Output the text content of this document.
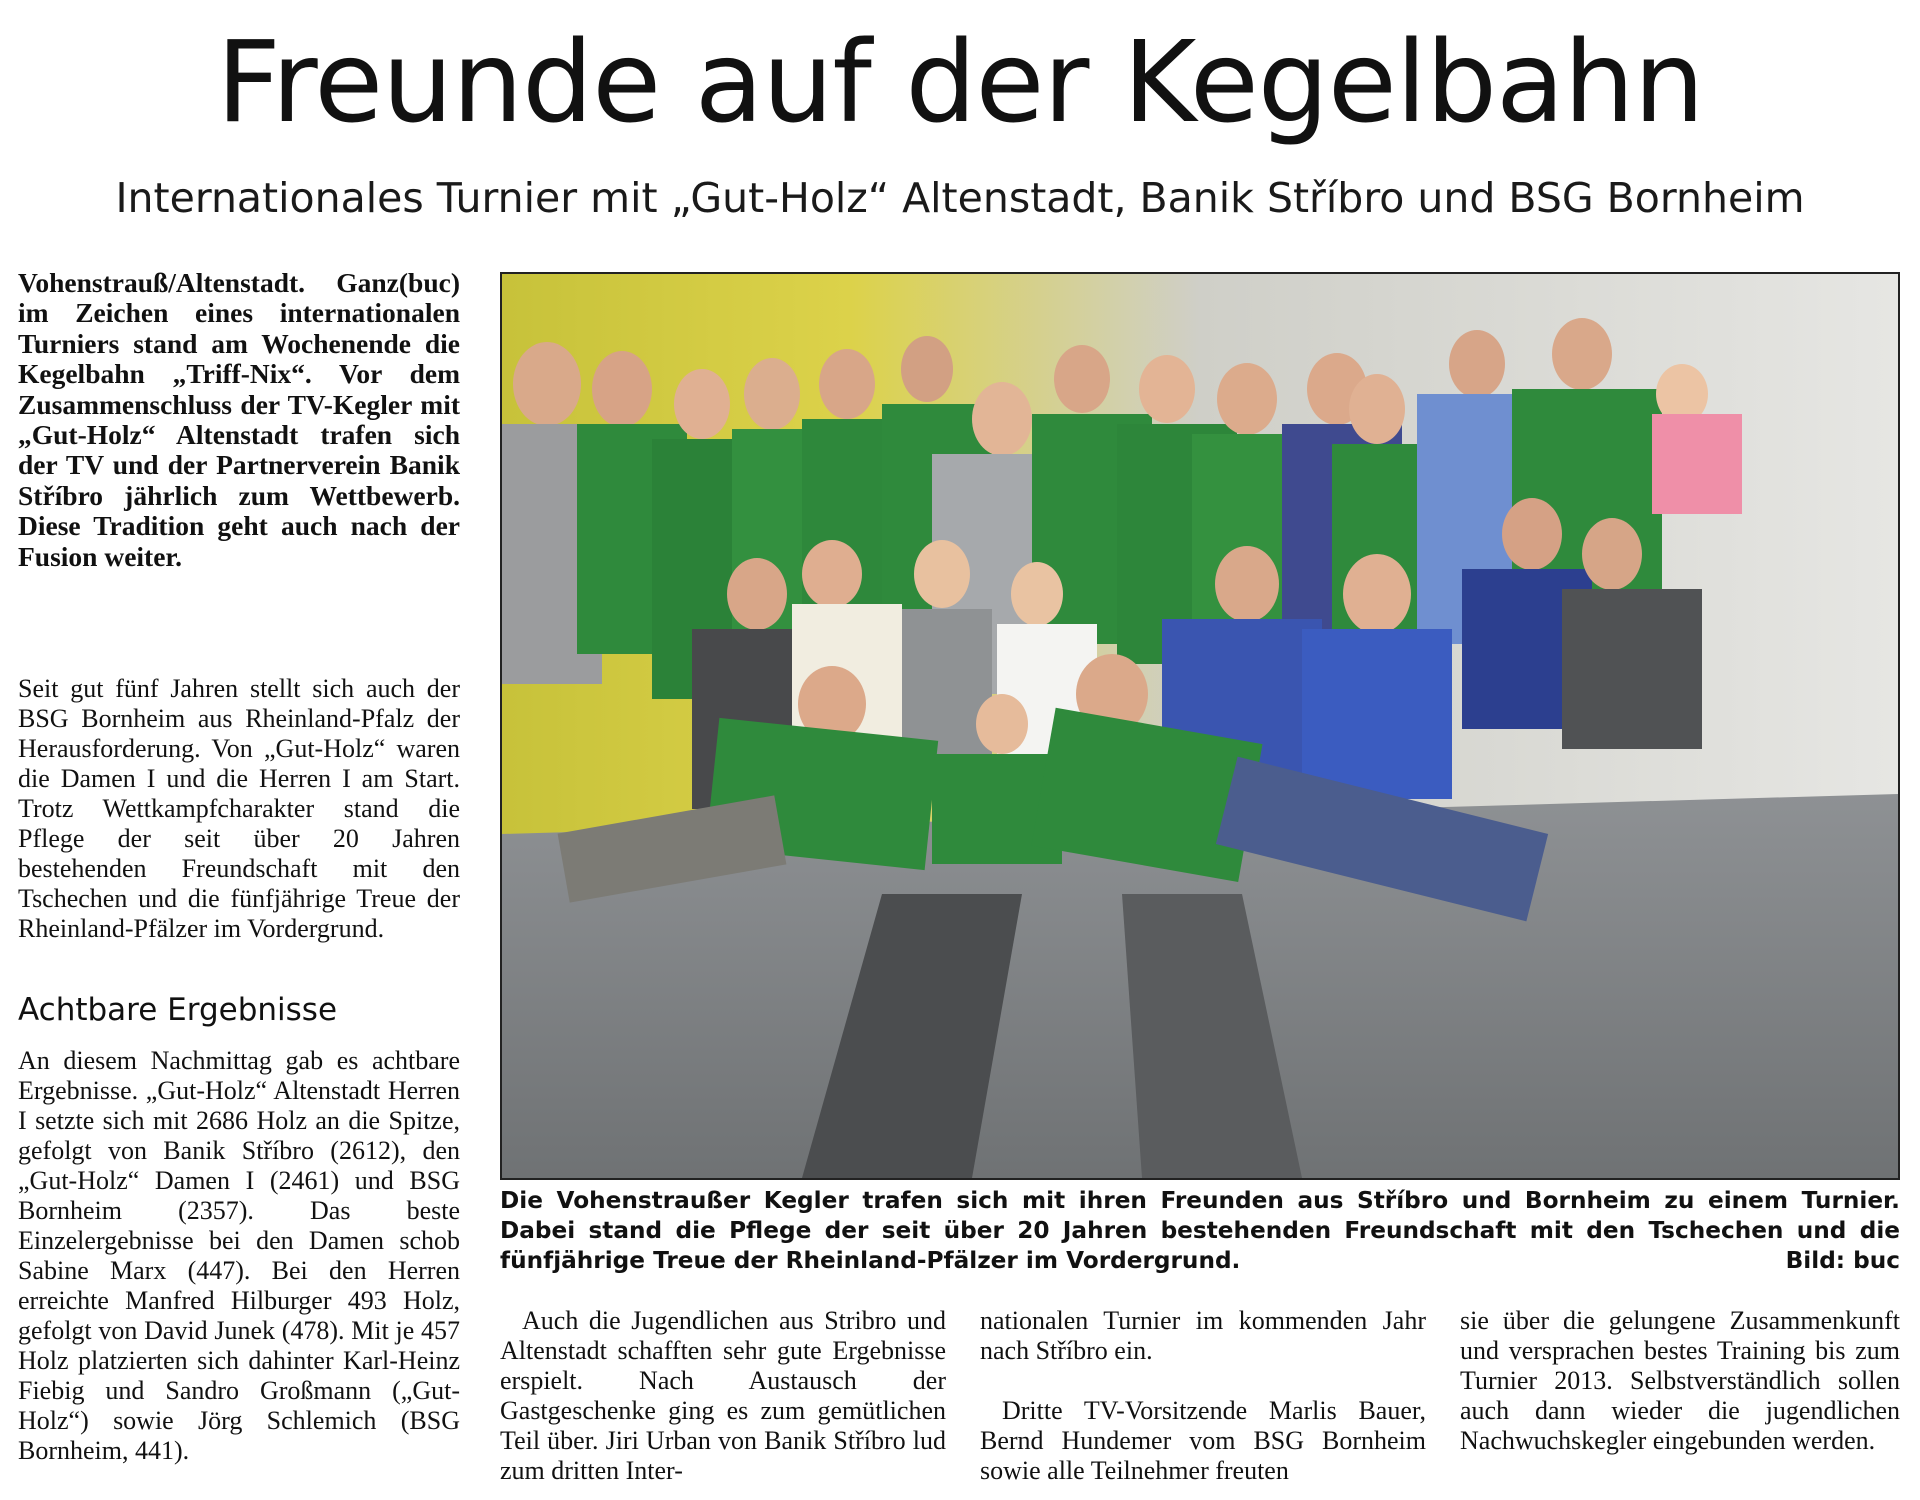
Freunde auf der Kegelbahn
Internationales Turnier mit „Gut-Holz“ Altenstadt, Banik Stříbro und BSG Bornheim
Vohenstrauß/Altenstadt.	(buc)
Ganz im Zeichen eines internationalen Turniers stand am Wochenende die Kegelbahn „Triff-Nix“. Vor dem Zusammenschluss der TV-Kegler mit „Gut-Holz“ Altenstadt trafen sich der TV und der Partnerverein Banik Stříbro jährlich zum Wettbewerb. Diese Tradition geht auch nach der Fusion weiter.

Seit gut fünf Jahren stellt sich auch der BSG Bornheim aus Rheinland-Pfalz der Herausforderung. Von „Gut-Holz“ waren die Damen I und die Herren I am Start. Trotz Wettkampfcharakter stand die Pflege der seit über 20 Jahren bestehenden Freundschaft mit den Tschechen und die fünfjährige Treue der Rheinland-Pfälzer im Vordergrund.

Achtbare Ergebnisse

An diesem Nachmittag gab es achtbare Ergebnisse. „Gut-Holz“ Altenstadt Herren I setzte sich mit 2686 Holz an die Spitze, gefolgt von Banik Stříbro (2612), den „Gut-Holz“ Damen I (2461) und BSG Bornheim (2357). Das beste Einzelergebnisse bei den Damen schob Sabine Marx (447). Bei den Herren erreichte Manfred Hilburger 493 Holz, gefolgt von David Junek (478). Mit je 457 Holz platzierten sich dahinter Karl-Heinz Fiebig und Sandro Großmann („Gut-Holz“) sowie Jörg Schlemich (BSG Bornheim, 441).

Die Vohenstraußer Kegler trafen sich mit ihren Freunden aus Stříbro und Bornheim zu einem Turnier. Dabei stand die Pflege der seit über 20 Jahren bestehenden Freundschaft mit den Tschechen und die fünfjährige Treue der Rheinland-Pfälzer im Vordergrund.	Bild: buc

Auch die Jugendlichen aus Stribro und Altenstadt schafften sehr gute Ergebnisse erspielt. Nach Austausch der Gastgeschenke ging es zum gemütlichen Teil über. Jiri Urban von Banik Stříbro lud zum dritten Inter-

nationalen Turnier im kommenden Jahr nach Stříbro ein.

Dritte TV-Vorsitzende Marlis Bauer, Bernd Hundemer vom BSG Bornheim sowie alle Teilnehmer freuten

sie über die gelungene Zusammenkunft und versprachen bestes Training bis zum Turnier 2013. Selbstverständlich sollen auch dann wieder die jugendlichen Nachwuchskegler eingebunden werden.
